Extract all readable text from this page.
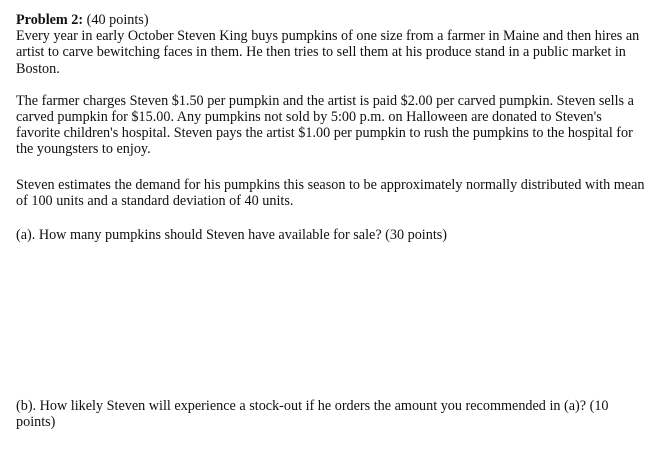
Problem 2: (40 points)

Every year in early October Steven King buys pumpkins of one size from a farmer in Maine and then hires an artist to carve bewitching faces in them. He then tries to sell them at his produce stand in a public market in Boston.

The farmer charges Steven $1.50 per pumpkin and the artist is paid $2.00 per carved pumpkin. Steven sells a carved pumpkin for $15.00. Any pumpkins not sold by 5:00 p.m. on Halloween are donated to Steven's favorite children's hospital. Steven pays the artist $1.00 per pumpkin to rush the pumpkins to the hospital for the youngsters to enjoy.

Steven estimates the demand for his pumpkins this season to be approximately normally distributed with mean of 100 units and a standard deviation of 40 units.

(a). How many pumpkins should Steven have available for sale? (30 points)

(b). How likely Steven will experience a stock-out if he orders the amount you recommended in (a)? (10 points)
